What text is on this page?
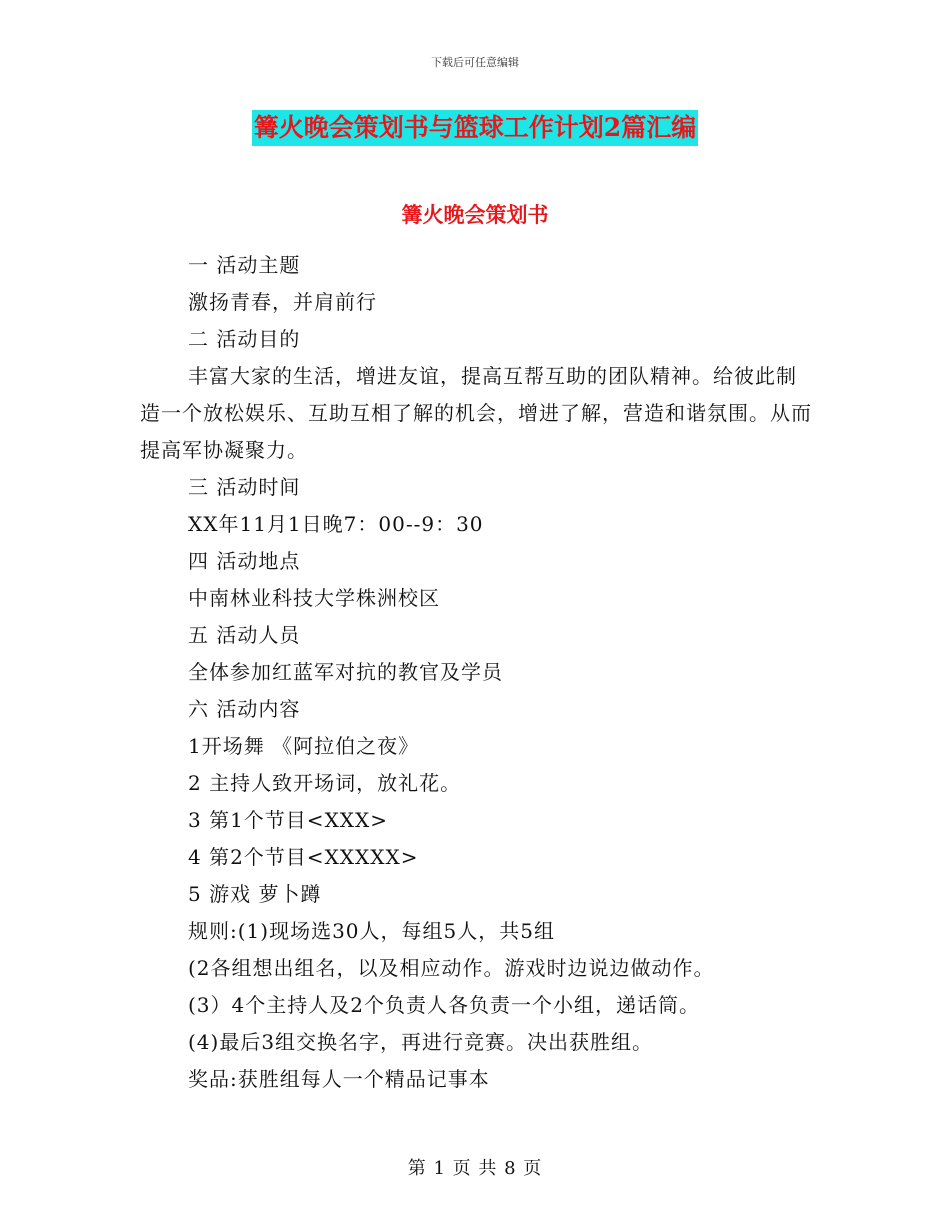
下载后可任意编辑
篝火晚会策划书与篮球工作计划2篇汇编
篝火晚会策划书

一 活动主题

激扬青春，并肩前行

二 活动目的

丰富大家的生活，增进友谊，提高互帮互助的团队精神。给彼此制造一个放松娱乐、互助互相了解的机会，增进了解，营造和谐氛围。从而提高军协凝聚力。

三 活动时间

XX年11月1日晚7：00--9：30

四 活动地点

中南林业科技大学株洲校区

五 活动人员

全体参加红蓝军对抗的教官及学员

六 活动内容

1开场舞 《阿拉伯之夜》

2 主持人致开场词，放礼花。

3 第1个节目<XXX>

4 第2个节目<XXXXX>

5 游戏 萝卜蹲

规则:(1)现场选30人，每组5人，共5组

(2各组想出组名，以及相应动作。游戏时边说边做动作。

(3）4个主持人及2个负责人各负责一个小组，递话筒。

(4)最后3组交换名字，再进行竞赛。决出获胜组。

奖品:获胜组每人一个精品记事本

第 1 页 共 8 页
